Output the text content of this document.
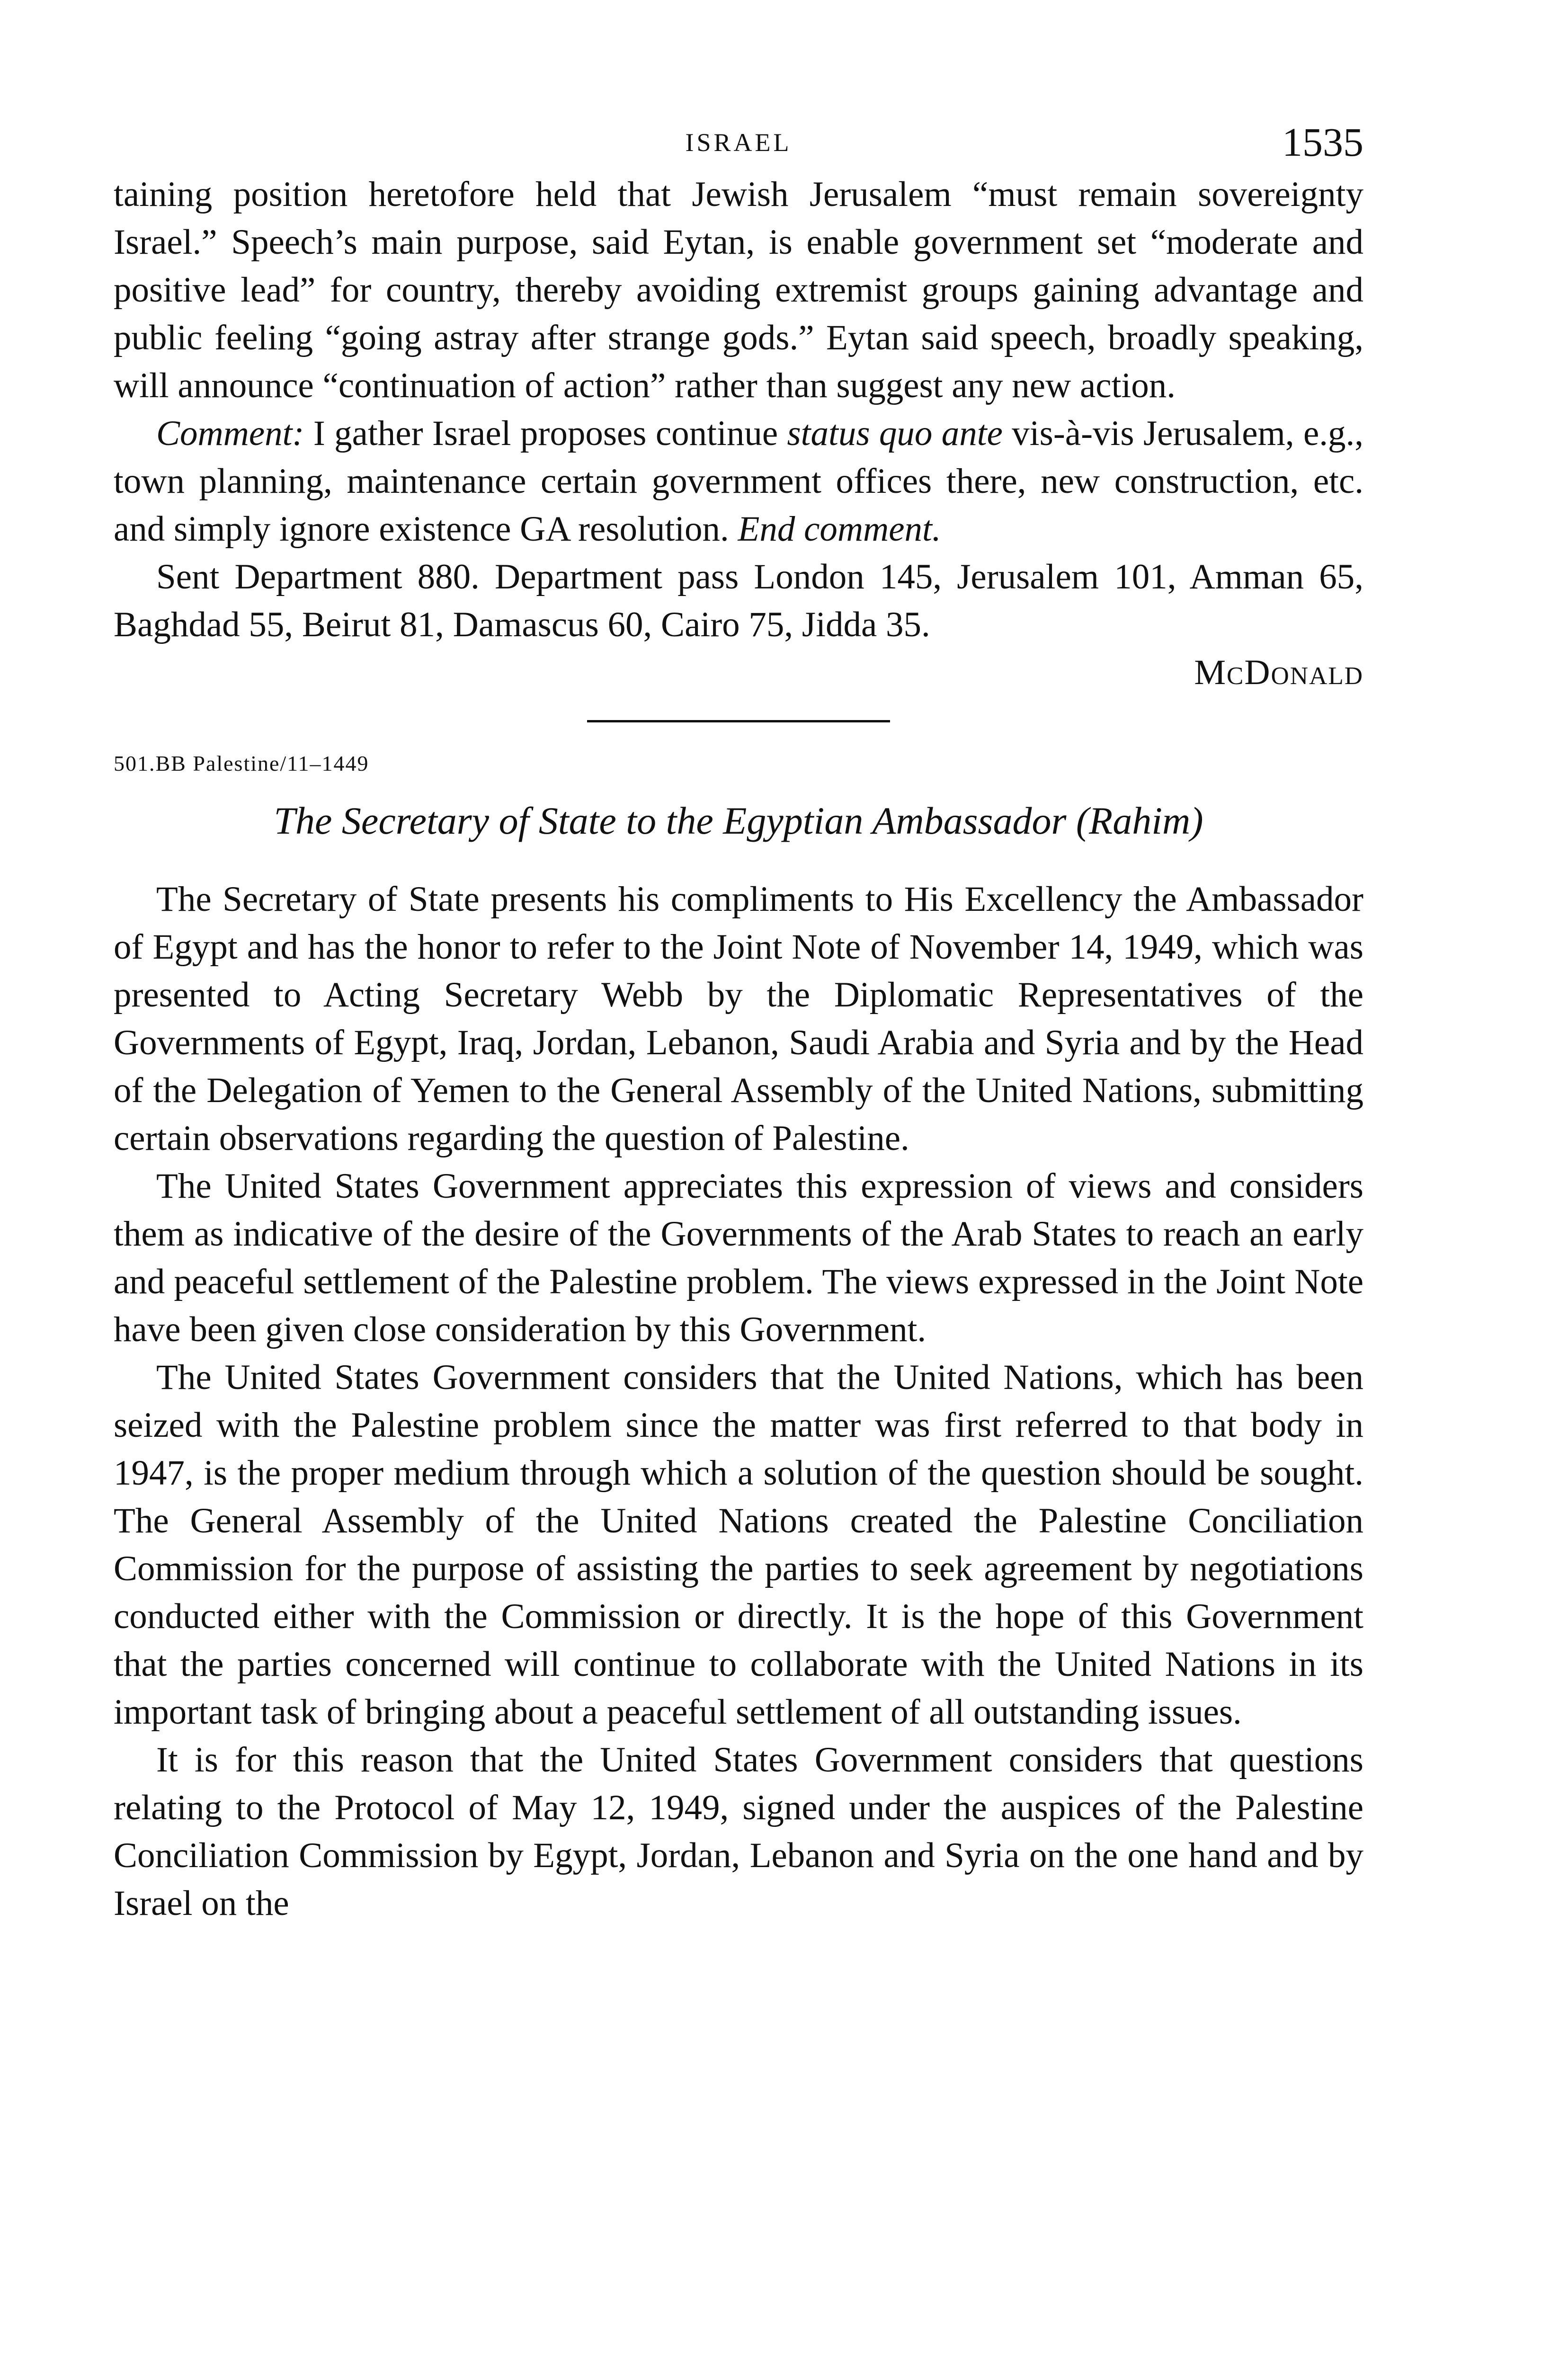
ISRAEL	1535

taining position heretofore held that Jewish Jerusalem “must remain sovereignty Israel.” Speech’s main purpose, said Eytan, is enable government set “moderate and positive lead” for country, thereby avoiding extremist groups gaining advantage and public feeling “going astray after strange gods.” Eytan said speech, broadly speaking, will announce “continuation of action” rather than suggest any new action.

Comment: I gather Israel proposes continue status quo ante vis-à-vis Jerusalem, e.g., town planning, maintenance certain government offices there, new construction, etc. and simply ignore existence GA resolution. End comment.

Sent Department 880. Department pass London 145, Jerusalem 101, Amman 65, Baghdad 55, Beirut 81, Damascus 60, Cairo 75, Jidda 35.

McDonald
501.BB Palestine/11–1449
The Secretary of State to the Egyptian Ambassador (Rahim)

The Secretary of State presents his compliments to His Excellency the Ambassador of Egypt and has the honor to refer to the Joint Note of November 14, 1949, which was presented to Acting Secretary Webb by the Diplomatic Representatives of the Governments of Egypt, Iraq, Jordan, Lebanon, Saudi Arabia and Syria and by the Head of the Delegation of Yemen to the General Assembly of the United Nations, submitting certain observations regarding the question of Palestine.

The United States Government appreciates this expression of views and considers them as indicative of the desire of the Governments of the Arab States to reach an early and peaceful settlement of the Palestine problem. The views expressed in the Joint Note have been given close consideration by this Government.

The United States Government considers that the United Nations, which has been seized with the Palestine problem since the matter was first referred to that body in 1947, is the proper medium through which a solution of the question should be sought. The General Assembly of the United Nations created the Palestine Conciliation Commission for the purpose of assisting the parties to seek agreement by negotiations conducted either with the Commission or directly. It is the hope of this Government that the parties concerned will continue to collaborate with the United Nations in its important task of bringing about a peaceful settlement of all outstanding issues.

It is for this reason that the United States Government considers that questions relating to the Protocol of May 12, 1949, signed under the auspices of the Palestine Conciliation Commission by Egypt, Jordan, Lebanon and Syria on the one hand and by Israel on the
